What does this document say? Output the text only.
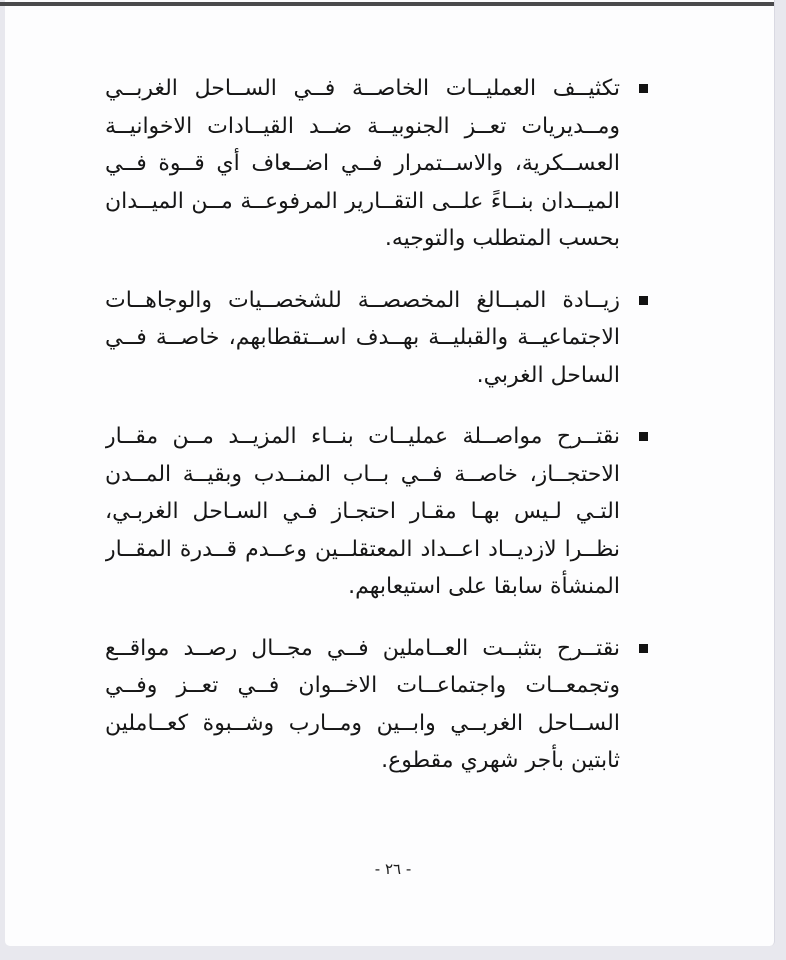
تكثيــف العمليــات الخاصــة فــي الســاحل الغربــي
ومــديريات تعــز الجنوبيــة ضــد القيــادات الاخوانيــة
العســكرية، والاســتمرار فــي اضــعاف أي قــوة فــي
الميــدان بنــاءً علــى التقــارير المرفوعــة مــن الميــدان
بحسب المتطلب والتوجيه.
زيــادة المبــالغ المخصصــة للشخصــيات والوجاهــات
الاجتماعيــة والقبليــة بهــدف اســتقطابهم، خاصــة فــي
الساحل الغربي.
نقتــرح مواصــلة عمليــات بنــاء المزيــد مــن مقــار
الاحتجــاز، خاصــة فــي بــاب المنــدب وبقيــة المــدن
التـي لـيس بهـا مقـار احتجـاز فـي السـاحل الغربـي،
نظــرا لازديــاد اعــداد المعتقلــين وعــدم قــدرة المقــار
المنشأة سابقا على استيعابهم.
نقتــرح بتثبــت العــاملين فــي مجــال رصــد مواقــع
وتجمعــات واجتماعــات الاخــوان فــي تعــز وفــي
الســاحل الغربــي وابــين ومــارب وشــبوة كعــاملين
ثابتين بأجر شهري مقطوع.
- ٢٦ -
